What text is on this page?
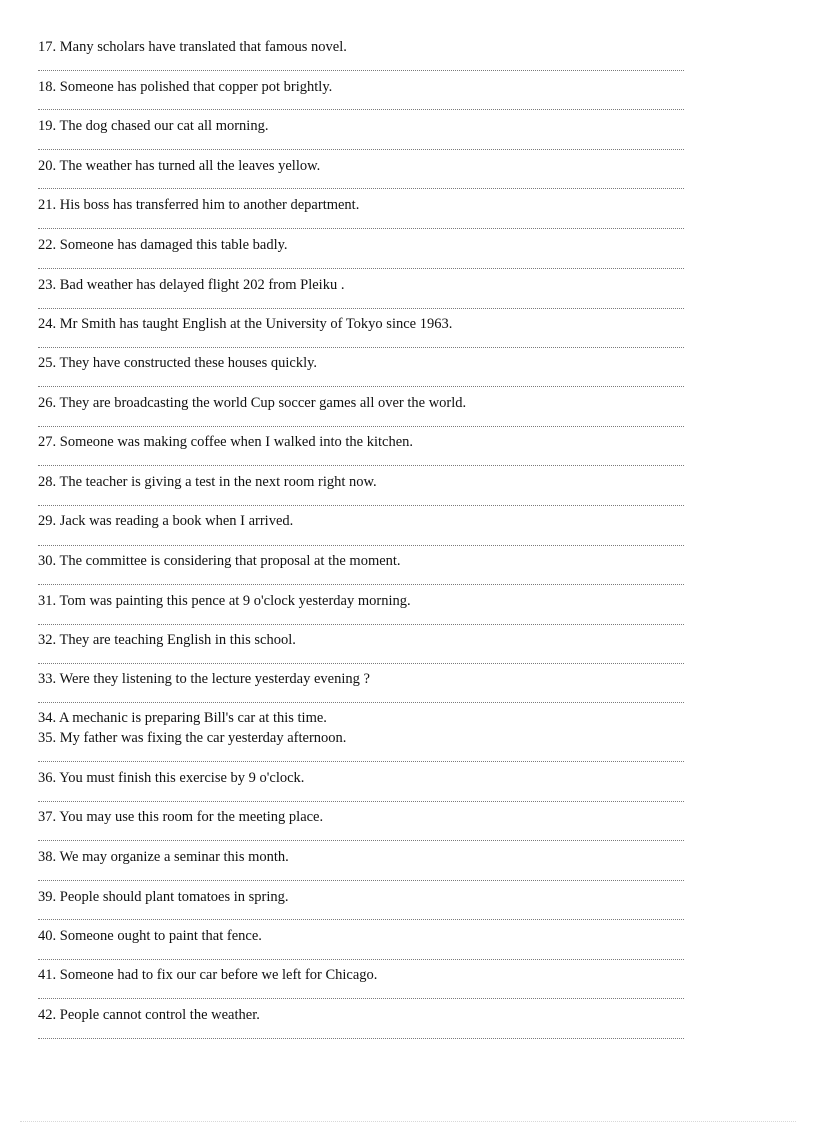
17. Many scholars have translated that famous novel.
18. Someone has polished that copper pot brightly.
19. The dog chased our cat all morning.
20. The weather has turned all the leaves yellow.
21. His boss has transferred him to another department.
22. Someone has damaged this table badly.
23. Bad weather has delayed flight 202 from Pleiku .
24. Mr Smith has taught English at the University of Tokyo since 1963.
25. They have constructed these houses quickly.
26. They are broadcasting the world Cup soccer games all over the world.
27. Someone was making coffee when I walked into the kitchen.
28. The teacher is giving a test in the next room right now.
29. Jack was reading a book when I arrived.
30. The committee is considering that proposal at the moment.
31. Tom was painting this pence at 9 o'clock yesterday morning.
32. They are teaching English in this school.
33. Were they listening to the lecture yesterday evening ?
34. A mechanic is preparing Bill's car at this time.
35. My father was fixing the car yesterday afternoon.
36. You must finish this exercise by 9 o'clock.
37. You may use this room for the meeting place.
38. We may organize a seminar this month.
39. People should plant tomatoes in spring.
40. Someone ought to paint that fence.
41. Someone had to fix our car before we left for Chicago.
42. People cannot control the weather.
